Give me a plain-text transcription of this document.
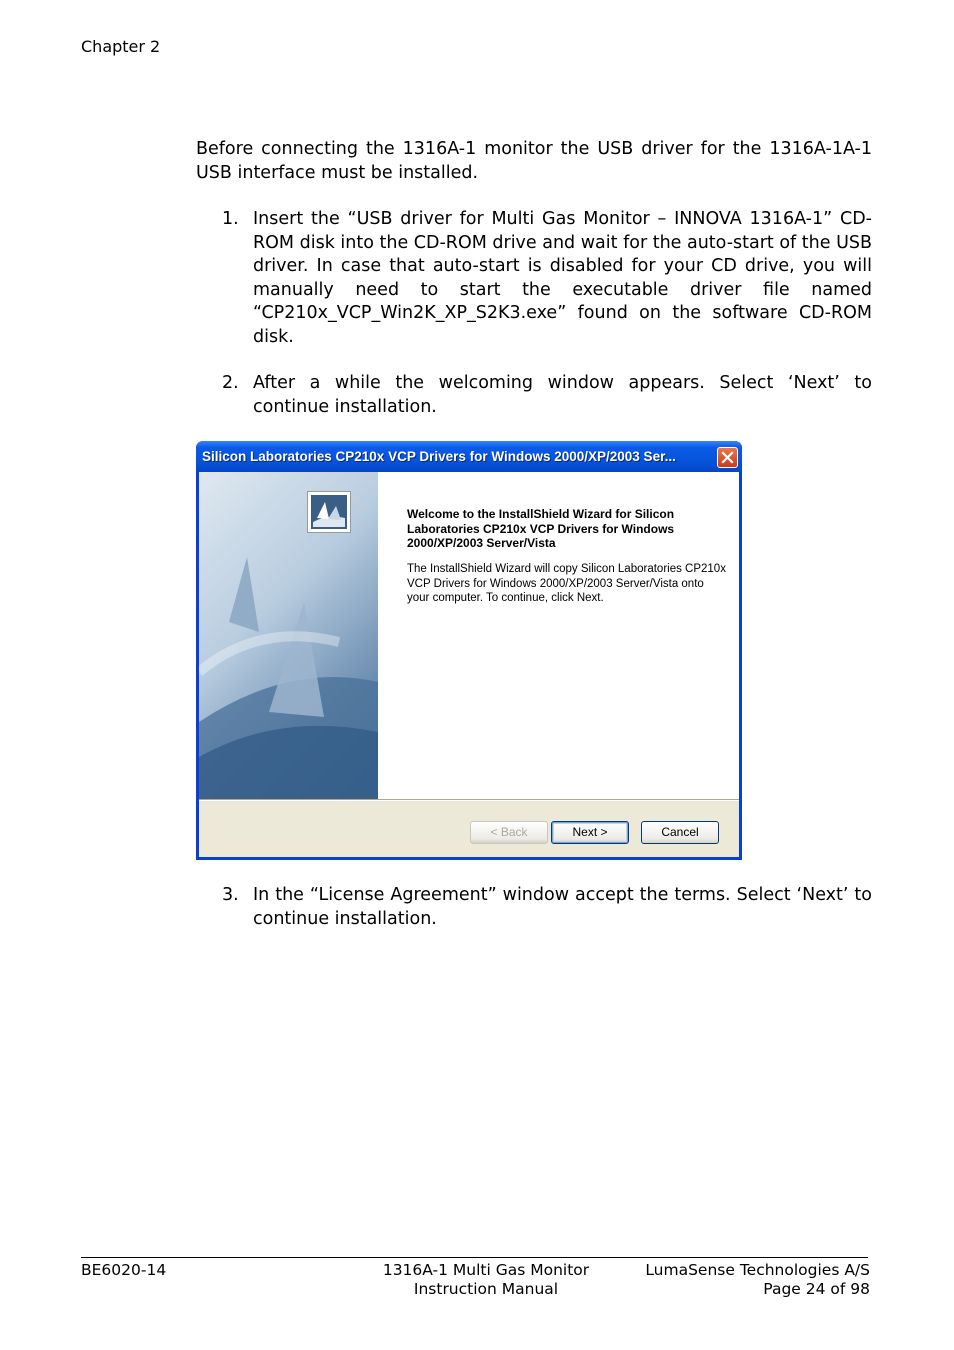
Chapter 2
Before connecting the 1316A-1 monitor the USB driver for the 1316A-1A-1 USB interface must be installed.
1. Insert the “USB driver for Multi Gas Monitor – INNOVA 1316A-1” CD-ROM disk into the CD-ROM drive and wait for the auto-start of the USB driver. In case that auto-start is disabled for your CD drive, you will manually need to start the executable driver file named “CP210x_VCP_Win2K_XP_S2K3.exe” found on the software CD-ROM disk.
2. After a while the welcoming window appears. Select ‘Next’ to continue installation.
Silicon Laboratories CP210x VCP Drivers for Windows 2000/XP/2003 Ser...
Welcome to the InstallShield Wizard for Silicon Laboratories CP210x VCP Drivers for Windows 2000/XP/2003 Server/Vista
The InstallShield Wizard will copy Silicon Laboratories CP210x VCP Drivers for Windows 2000/XP/2003 Server/Vista onto your computer. To continue, click Next.
< Back	Next >	Cancel
3. In the “License Agreement” window accept the terms. Select ‘Next’ to continue installation.
BE6020-14	1316A-1 Multi Gas Monitor
Instruction Manual
LumaSense Technologies A/S
Page 24 of 98
